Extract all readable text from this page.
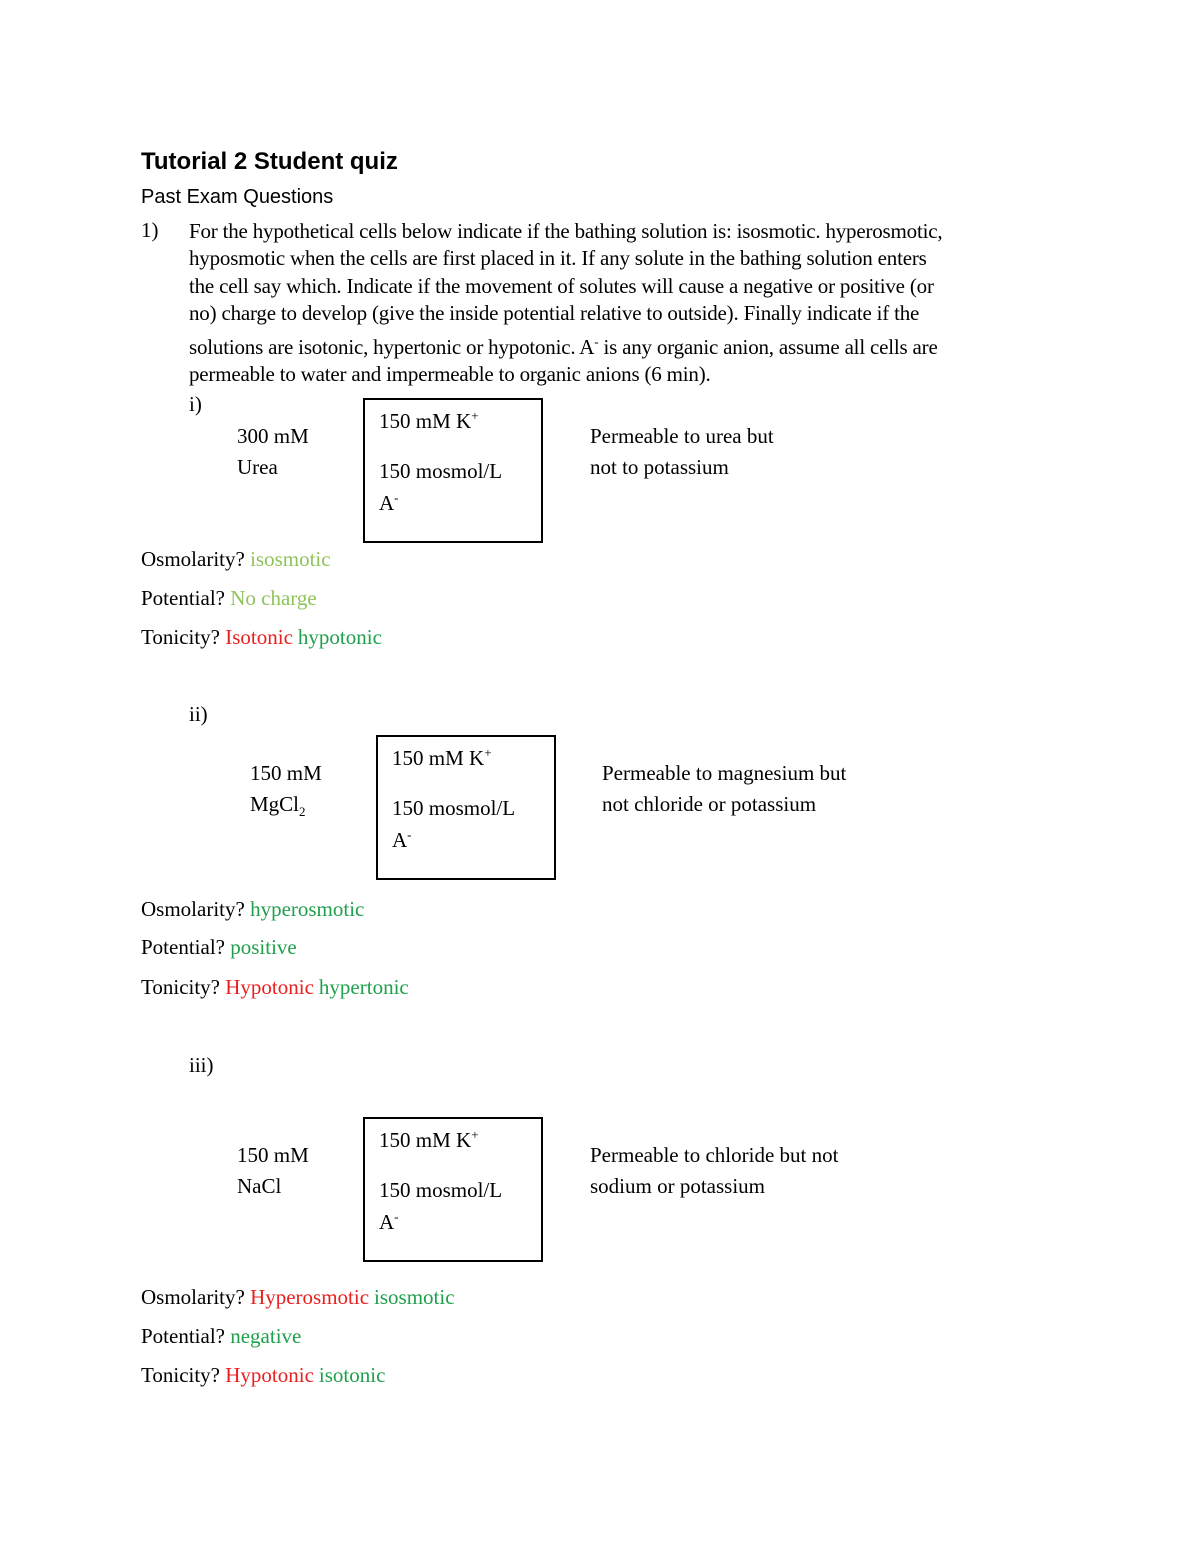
Tutorial 2 Student quiz
Past Exam Questions
1) For the hypothetical cells below indicate if the bathing solution is: isosmotic. hyperosmotic,

hyposmotic when the cells are first placed in it. If any solute in the bathing solution enters

the cell say which. Indicate if the movement of solutes will cause a negative or positive (or

no) charge to develop (give the inside potential relative to outside). Finally indicate if the

solutions are isotonic, hypertonic or hypotonic. A- is any organic anion, assume all cells are

permeable to water and impermeable to organic anions (6 min).

i)
300 mM
Urea
150 mM K+
150 mosmol/L
A-
Permeable to urea but
not to potassium
Osmolarity? isosmotic
Potential? No charge
Tonicity? Isotonic hypotonic
ii)
150 mM
MgCl$_2$
150 mM K+
150 mosmol/L
A-
Permeable to magnesium but
not chloride or potassium
Osmolarity? hyperosmotic
Potential? positive
Tonicity? Hypotonic hypertonic
iii)
150 mM
NaCl
150 mM K+
150 mosmol/L
A-
Permeable to chloride but not
sodium or potassium
Osmolarity? Hyperosmotic isosmotic
Potential? negative
Tonicity? Hypotonic isotonic
